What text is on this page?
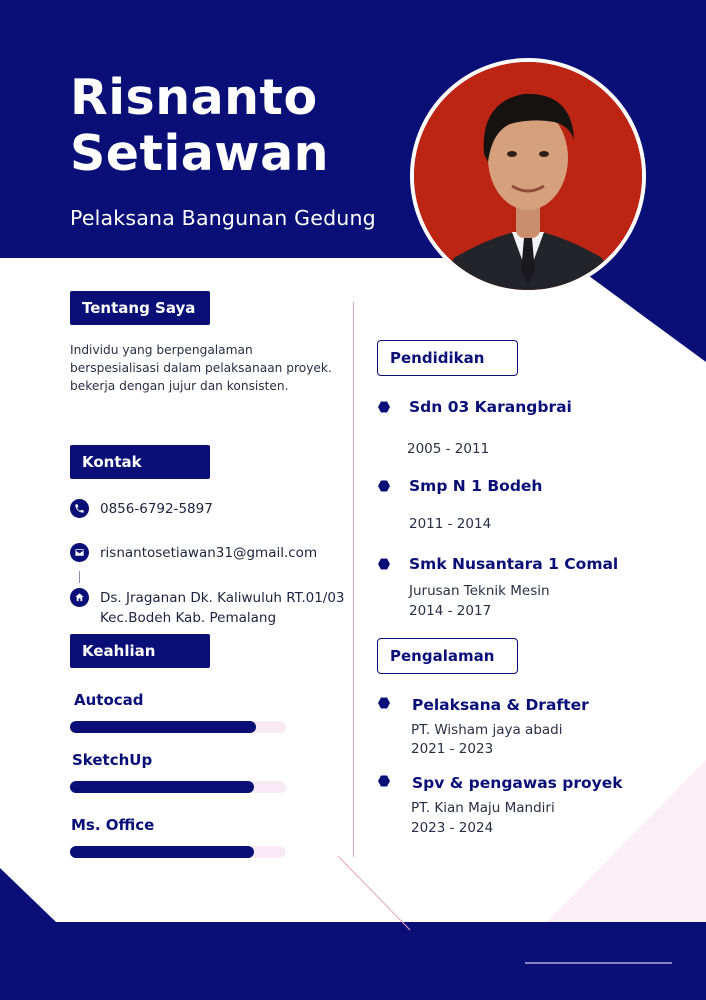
Risnanto
Setiawan
Pelaksana Bangunan Gedung
Tentang Saya
Individu yang berpengalaman
berspesialisasi dalam pelaksanaan proyek.
bekerja dengan jujur dan konsisten.
Kontak
0856-6792-5897
risnantosetiawan31@gmail.com
Ds. Jraganan Dk. Kaliwuluh RT.01/03
Kec.Bodeh Kab. Pemalang
Keahlian
Autocad
SketchUp
Ms. Office
Pendidikan
Sdn 03 Karangbrai
2005 - 2011
Smp N 1 Bodeh
2011 - 2014
Smk Nusantara 1 Comal
Jurusan Teknik Mesin
2014 - 2017
Pengalaman
Pelaksana & Drafter
PT. Wisham jaya abadi
2021 - 2023
Spv & pengawas proyek
PT. Kian Maju Mandiri
2023 - 2024
